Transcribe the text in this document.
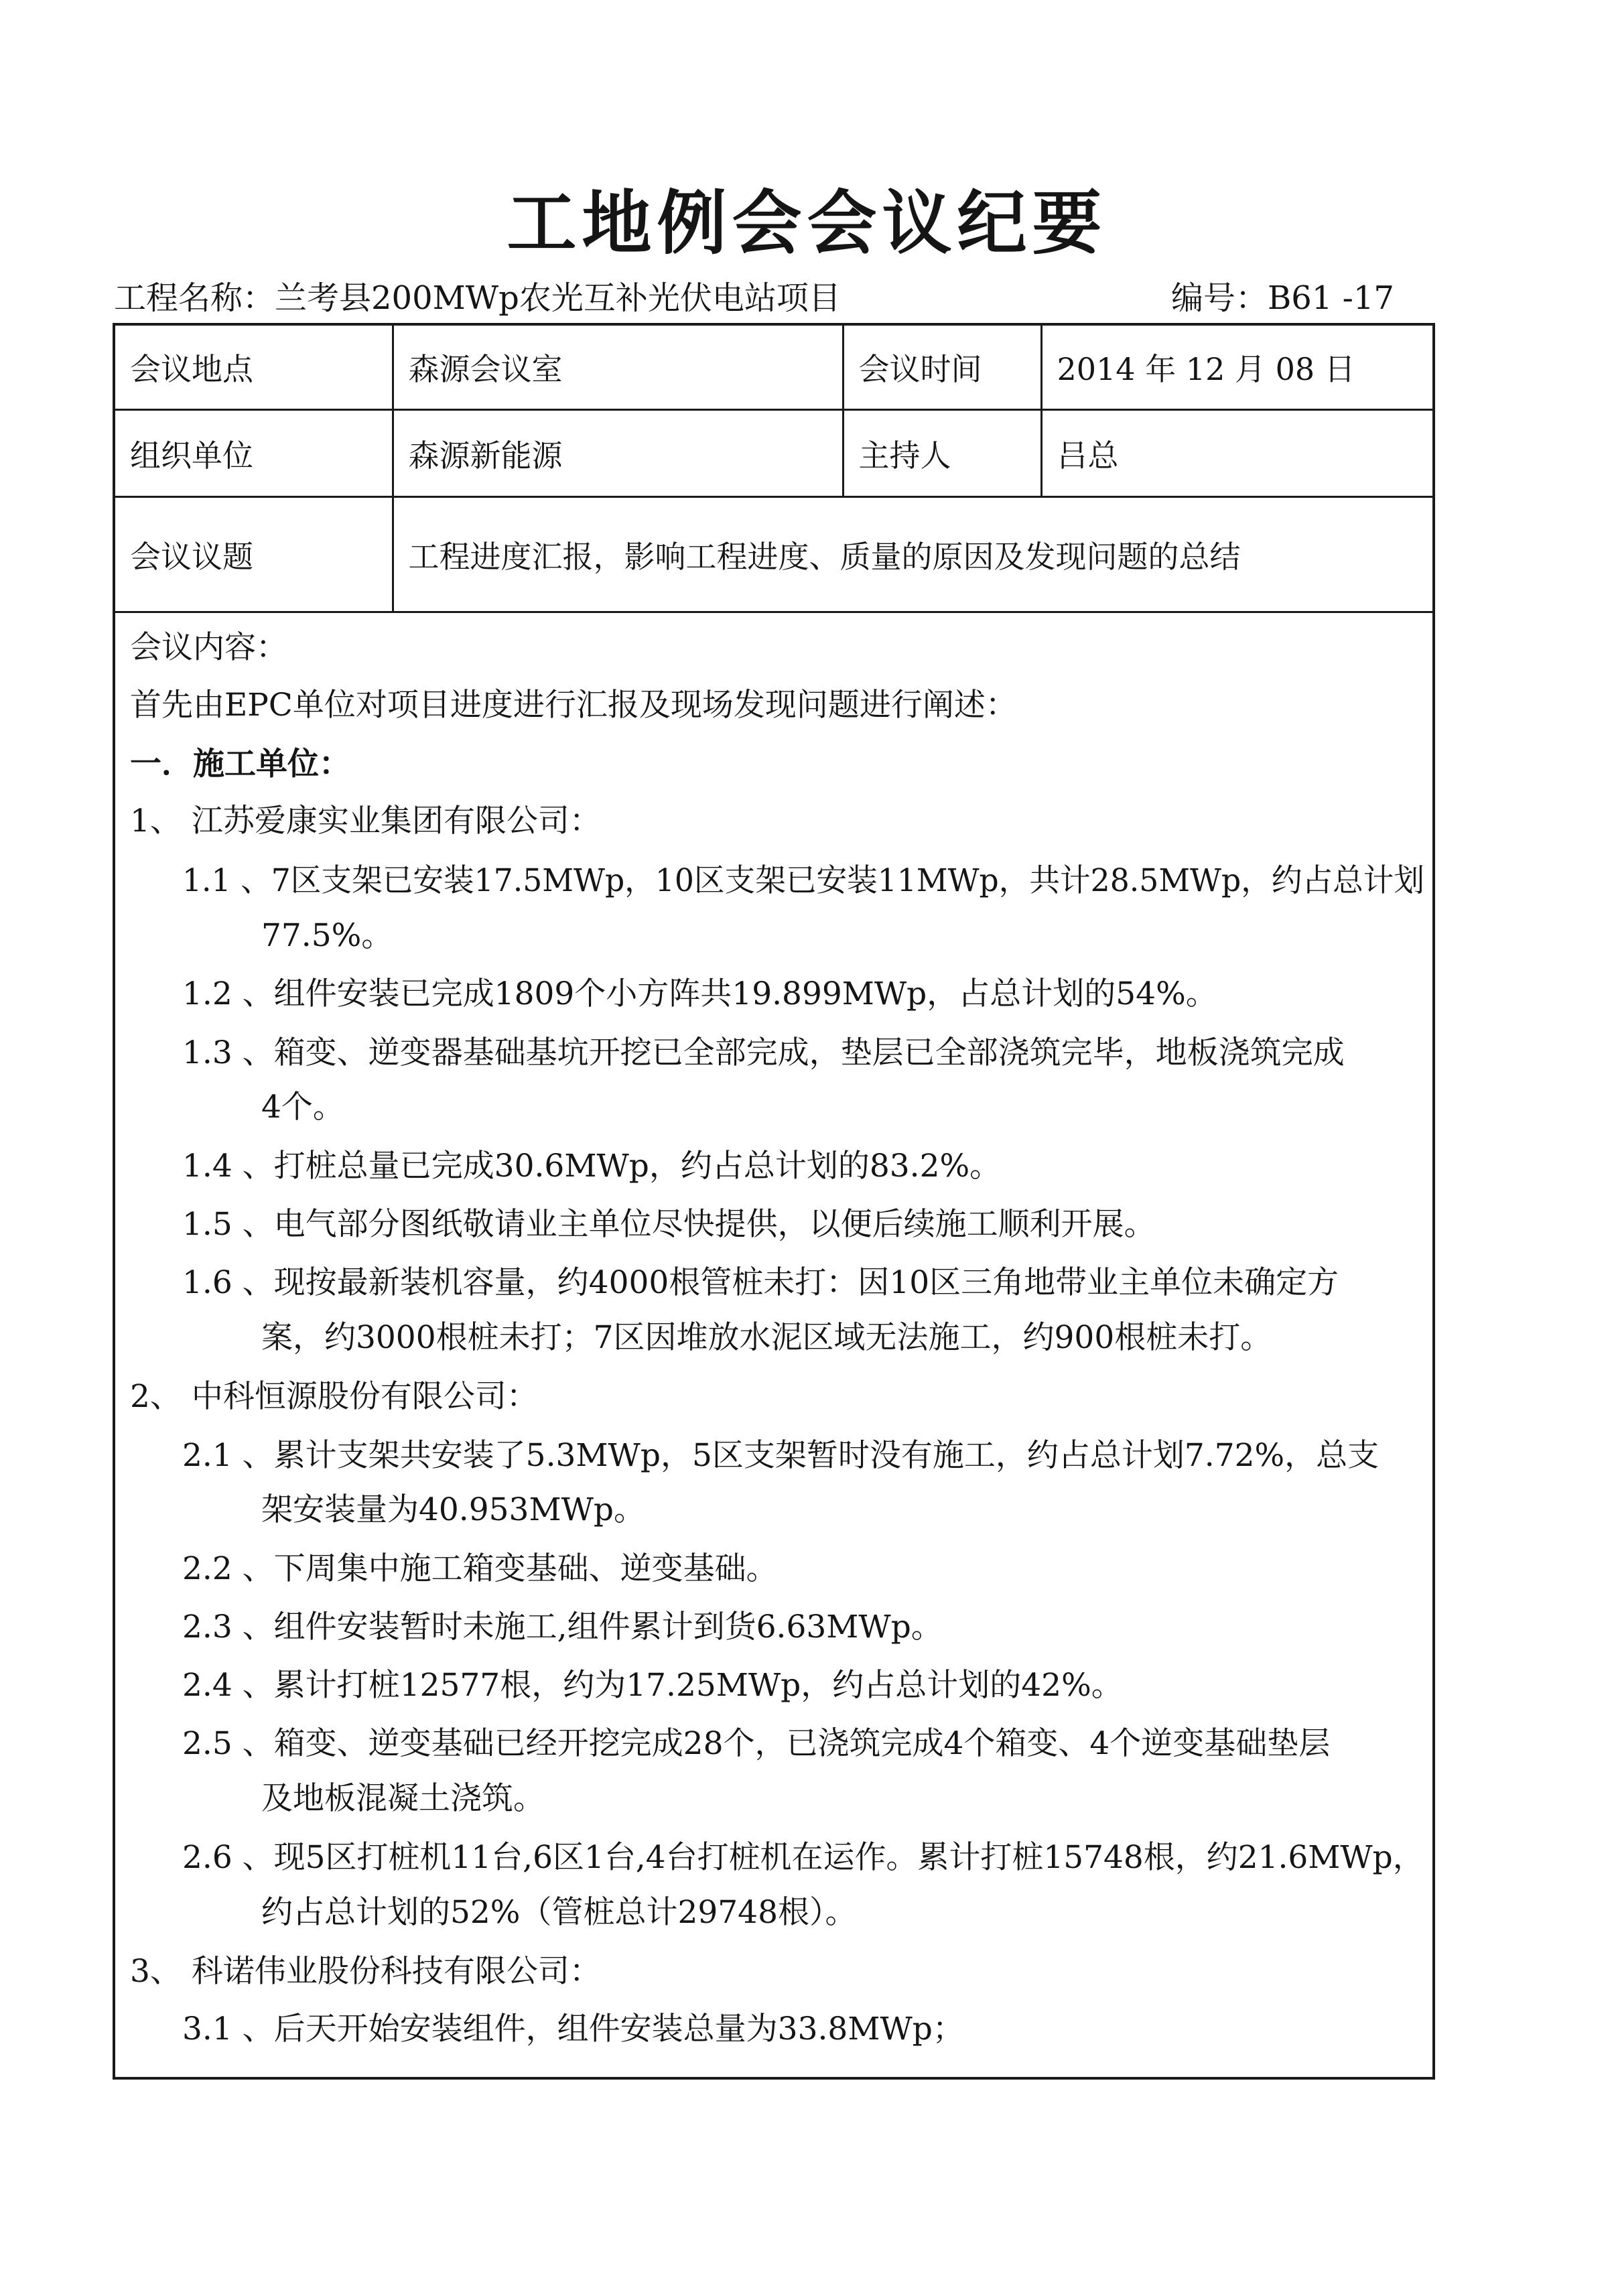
工地例会会议纪要
工程名称：兰考县200MWp农光互补光伏电站项目	编号：B61 -17
会议地点	森源会议室	会议时间	2014 年 12 月 08 日
组织单位	森源新能源	主持人	吕总
会议议题	工程进度汇报，影响工程进度、质量的原因及发现问题的总结		
会议内容：
首先由EPC单位对项目进度进行汇报及现场发现问题进行阐述：
一．施工单位：
1、 江苏爱康实业集团有限公司：
1.1 、7区支架已安装17.5MWp，10区支架已安装11MWp，共计28.5MWp，约占总计划
77.5%。
1.2 、组件安装已完成1809个小方阵共19.899MWp，占总计划的54%。
1.3 、箱变、逆变器基础基坑开挖已全部完成，垫层已全部浇筑完毕，地板浇筑完成
4个。
1.4 、打桩总量已完成30.6MWp，约占总计划的83.2%。
1.5 、电气部分图纸敬请业主单位尽快提供，以便后续施工顺利开展。
1.6 、现按最新装机容量，约4000根管桩未打：因10区三角地带业主单位未确定方
案，约3000根桩未打；7区因堆放水泥区域无法施工，约900根桩未打。
2、 中科恒源股份有限公司：
2.1 、累计支架共安装了5.3MWp，5区支架暂时没有施工，约占总计划7.72%，总支
架安装量为40.953MWp。
2.2 、下周集中施工箱变基础、逆变基础。
2.3 、组件安装暂时未施工,组件累计到货6.63MWp。
2.4 、累计打桩12577根，约为17.25MWp，约占总计划的42%。
2.5 、箱变、逆变基础已经开挖完成28个，已浇筑完成4个箱变、4个逆变基础垫层
及地板混凝土浇筑。
2.6 、现5区打桩机11台,6区1台,4台打桩机在运作。累计打桩15748根，约21.6MWp，
约占总计划的52%（管桩总计29748根）。
3、 科诺伟业股份科技有限公司：
3.1 、后天开始安装组件，组件安装总量为33.8MWp；
